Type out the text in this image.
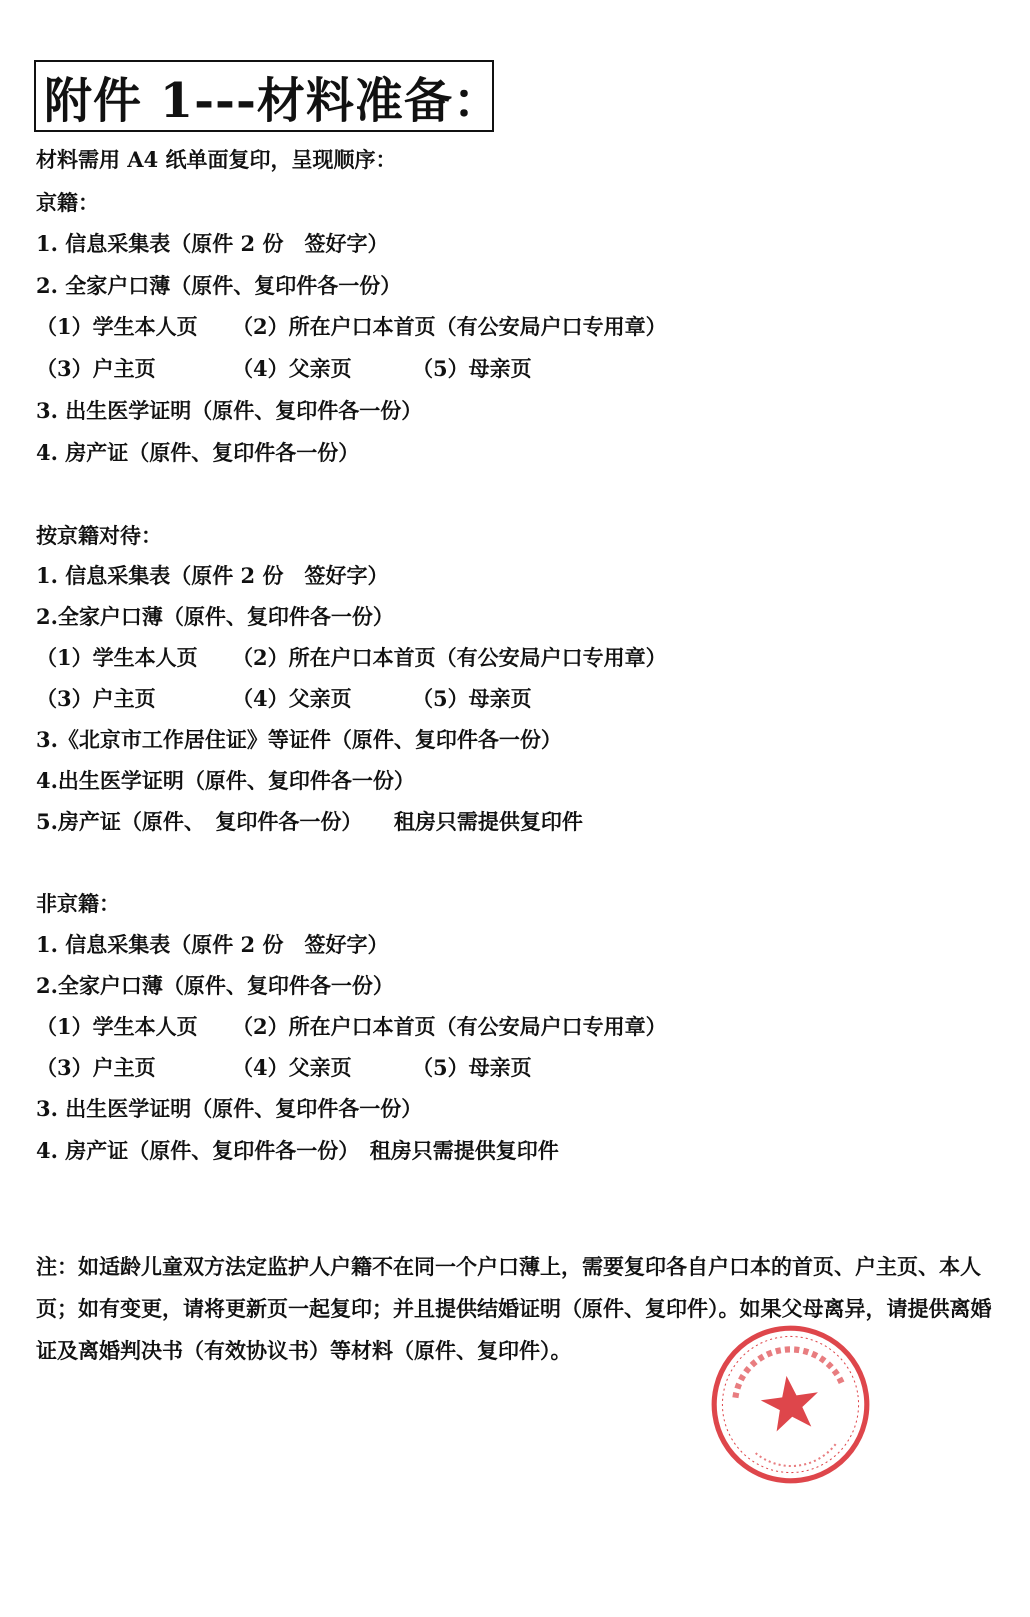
附件 1---材料准备：
材料需用 A4 纸单面复印，呈现顺序：
京籍：
1. 信息采集表（原件 2 份　签好字）
2. 全家户口薄（原件、复印件各一份）
（1）学生本人页 （2）所在户口本首页（有公安局户口专用章）
（3）户主页	（4）父亲页	（5）母亲页
3. 出生医学证明（原件、复印件各一份）
4. 房产证（原件、复印件各一份）
按京籍对待：
1. 信息采集表（原件 2 份　签好字）
2.全家户口薄（原件、复印件各一份）
（1）学生本人页 （2）所在户口本首页（有公安局户口专用章）
（3）户主页	（4）父亲页	（5）母亲页
3.《北京市工作居住证》等证件（原件、复印件各一份）
4.出生医学证明（原件、复印件各一份）
5.房产证（原件、　复印件各一份）　　租房只需提供复印件
非京籍：
1. 信息采集表（原件 2 份　签好字）
2.全家户口薄（原件、复印件各一份）
（1）学生本人页 （2）所在户口本首页（有公安局户口专用章）
（3）户主页	（4）父亲页	（5）母亲页
3. 出生医学证明（原件、复印件各一份）
4. 房产证（原件、复印件各一份）　租房只需提供复印件
注：如适龄儿童双方法定监护人户籍不在同一个户口薄上，需要复印各自户口本的首页、户主页、本人页；如有变更，请将更新页一起复印；并且提供结婚证明（原件、复印件）。如果父母离异，请提供离婚证及离婚判决书（有效协议书）等材料（原件、复印件）。
